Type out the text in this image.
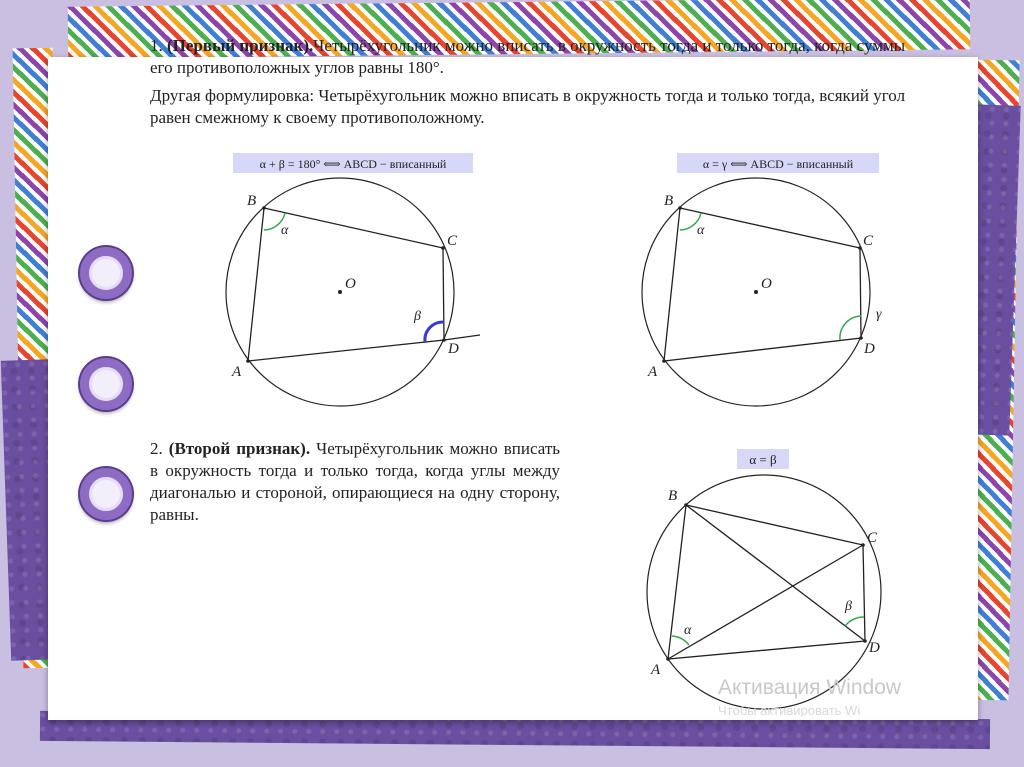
1. (Первый признак).Четырёхугольник можно вписать в окружность тогда и только тогда, когда суммы его противоположных углов равны 180°.
Другая формулировка: Четырёхугольник можно вписать в окружность тогда и только тогда, всякий угол равен смежному к своему противоположному.
2. (Второй признак). Четырёхугольник можно вписать в окружность тогда и только тогда, когда углы между диагональю и стороной, опирающиеся на одну сторону, равны.
α + β = 180° ⟺ ABCD − вписанный
B
C
D
A
O
α
β
α = γ ⟺ ABCD − вписанный
B
C
D
A
O
α
γ
α = β
B
C
D
A
α
β
Активация Window
Чтобы активировать Wi
